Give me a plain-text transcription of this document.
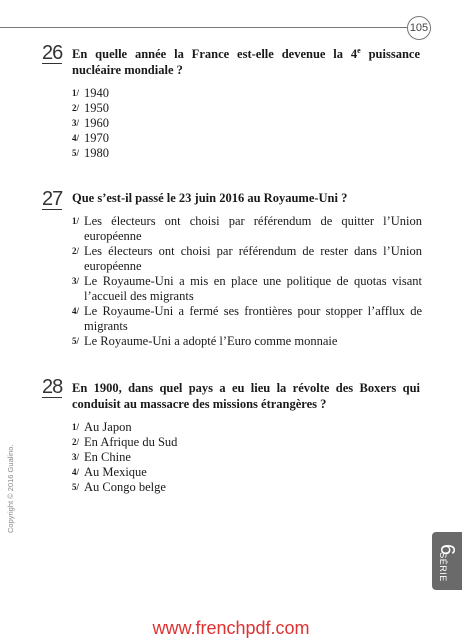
105
26 En quelle année la France est-elle devenue la 4e puissance nucléaire mondiale ?
1/ 1940
2/ 1950
3/ 1960
4/ 1970
5/ 1980
27 Que s’est-il passé le 23 juin 2016 au Royaume-Uni ?
1/ Les électeurs ont choisi par référendum de quitter l’Union européenne
2/ Les électeurs ont choisi par référendum de rester dans l’Union européenne
3/ Le Royaume-Uni a mis en place une politique de quotas visant l’accueil des migrants
4/ Le Royaume-Uni a fermé ses frontières pour stopper l’afflux de migrants
5/ Le Royaume-Uni a adopté l’Euro comme monnaie
28 En 1900, dans quel pays a eu lieu la révolte des Boxers qui conduisit au massacre des missions étrangères ?
1/ Au Japon
2/ En Afrique du Sud
3/ En Chine
4/ Au Mexique
5/ Au Congo belge
Copyright © 2016 Gualino.
6
SÉRIE
www.frenchpdf.com
